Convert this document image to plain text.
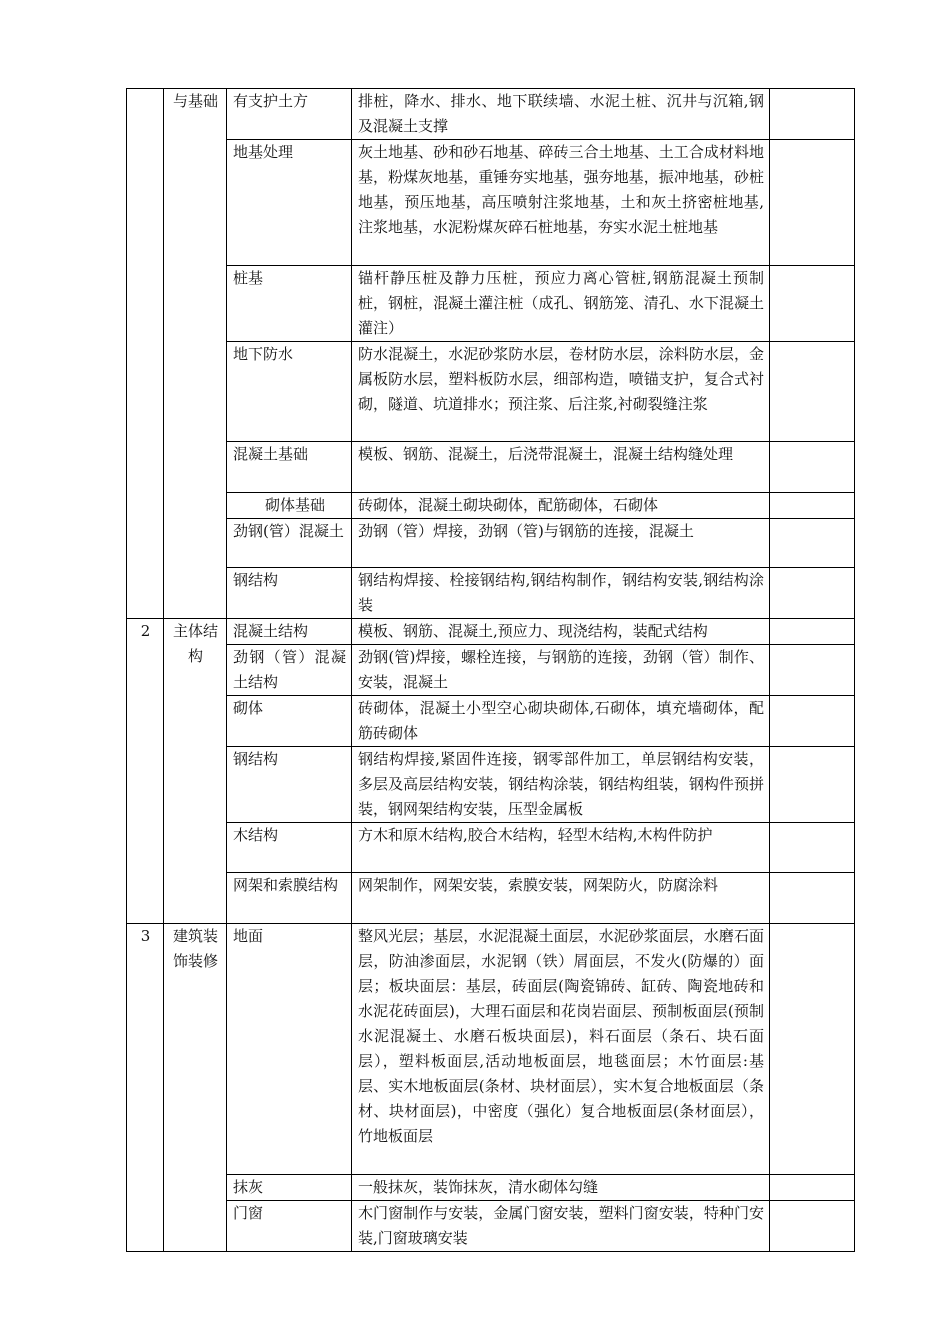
	与基础	有支护土方	排桩，降水、排水、地下联续墙、水泥土桩、沉井与沉箱,钢及混凝土支撑	
		地基处理	灰土地基、砂和砂石地基、碎砖三合土地基、土工合成材料地基，粉煤灰地基，重锤夯实地基，强夯地基，振冲地基，砂桩地基，预压地基，高压喷射注浆地基，土和灰土挤密桩地基,注浆地基，水泥粉煤灰碎石桩地基，夯实水泥土桩地基	
		桩基	锚杆静压桩及静力压桩，预应力离心管桩,钢筋混凝土预制桩，钢桩，混凝土灌注桩（成孔、钢筋笼、清孔、水下混凝土灌注）	
		地下防水	防水混凝土，水泥砂浆防水层，卷材防水层，涂料防水层，金属板防水层，塑料板防水层，细部构造，喷锚支护，复合式衬砌，隧道、坑道排水；预注浆、后注浆,衬砌裂缝注浆	
		混凝土基础	模板、钢筋、混凝土，后浇带混凝土，混凝土结构缝处理	
		砌体基础	砖砌体，混凝土砌块砌体，配筋砌体，石砌体	
		劲钢(管）混凝土	劲钢（管）焊接，劲钢（管)与钢筋的连接，混凝土	
		钢结构	钢结构焊接、栓接钢结构,钢结构制作，钢结构安装,钢结构涂装	
2	主体结构	混凝土结构	模板、钢筋、混凝土,预应力、现浇结构，装配式结构	
		劲钢（管）混凝土结构	劲钢(管)焊接，螺栓连接，与钢筋的连接，劲钢（管）制作、安装，混凝土	
		砌体	砖砌体，混凝土小型空心砌块砌体,石砌体，填充墙砌体，配筋砖砌体	
		钢结构	钢结构焊接,紧固件连接，钢零部件加工，单层钢结构安装，多层及高层结构安装，钢结构涂装，钢结构组装，钢构件预拼装，钢网架结构安装，压型金属板	
		木结构	方木和原木结构,胶合木结构，轻型木结构,木构件防护	
		网架和索膜结构	网架制作，网架安装，索膜安装，网架防火，防腐涂料	
3	建筑装饰装修	地面	整风光层；基层，水泥混凝土面层，水泥砂浆面层，水磨石面层，防油渗面层，水泥钢（铁）屑面层，不发火(防爆的）面层；板块面层：基层，砖面层(陶瓷锦砖、缸砖、陶瓷地砖和水泥花砖面层)，大理石面层和花岗岩面层、预制板面层(预制水泥混凝土、水磨石板块面层)，料石面层（条石、块石面层），塑料板面层,活动地板面层，地毯面层；木竹面层:基层、实木地板面层(条材、块材面层），实木复合地板面层（条材、块材面层)，中密度（强化）复合地板面层(条材面层），竹地板面层	
		抹灰	一般抹灰，装饰抹灰，清水砌体勾缝	
		门窗	木门窗制作与安装，金属门窗安装，塑料门窗安装，特种门安装,门窗玻璃安装	
